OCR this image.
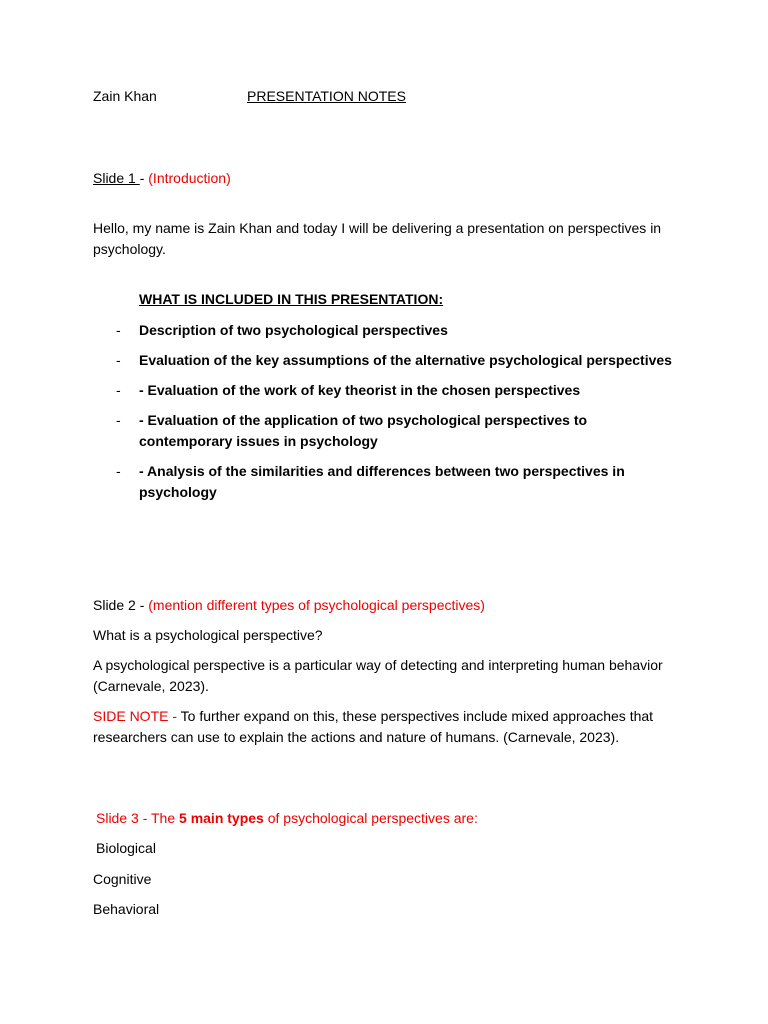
Zain Khan	PRESENTATION NOTES
Slide 1 - (Introduction)
Hello, my name is Zain Khan and today I will be delivering a presentation on perspectives in psychology.
WHAT IS INCLUDED IN THIS PRESENTATION:
- Description of two psychological perspectives
- Evaluation of the key assumptions of the alternative psychological perspectives
- - Evaluation of the work of key theorist in the chosen perspectives
- - Evaluation of the application of two psychological perspectives to contemporary issues in psychology
- - Analysis of the similarities and differences between two perspectives in psychology
Slide 2 - (mention different types of psychological perspectives)
What is a psychological perspective?
A psychological perspective is a particular way of detecting and interpreting human behavior (Carnevale, 2023).
SIDE NOTE - To further expand on this, these perspectives include mixed approaches that researchers can use to explain the actions and nature of humans. (Carnevale, 2023).
Slide 3 - The 5 main types of psychological perspectives are:
Biological
Cognitive
Behavioral
